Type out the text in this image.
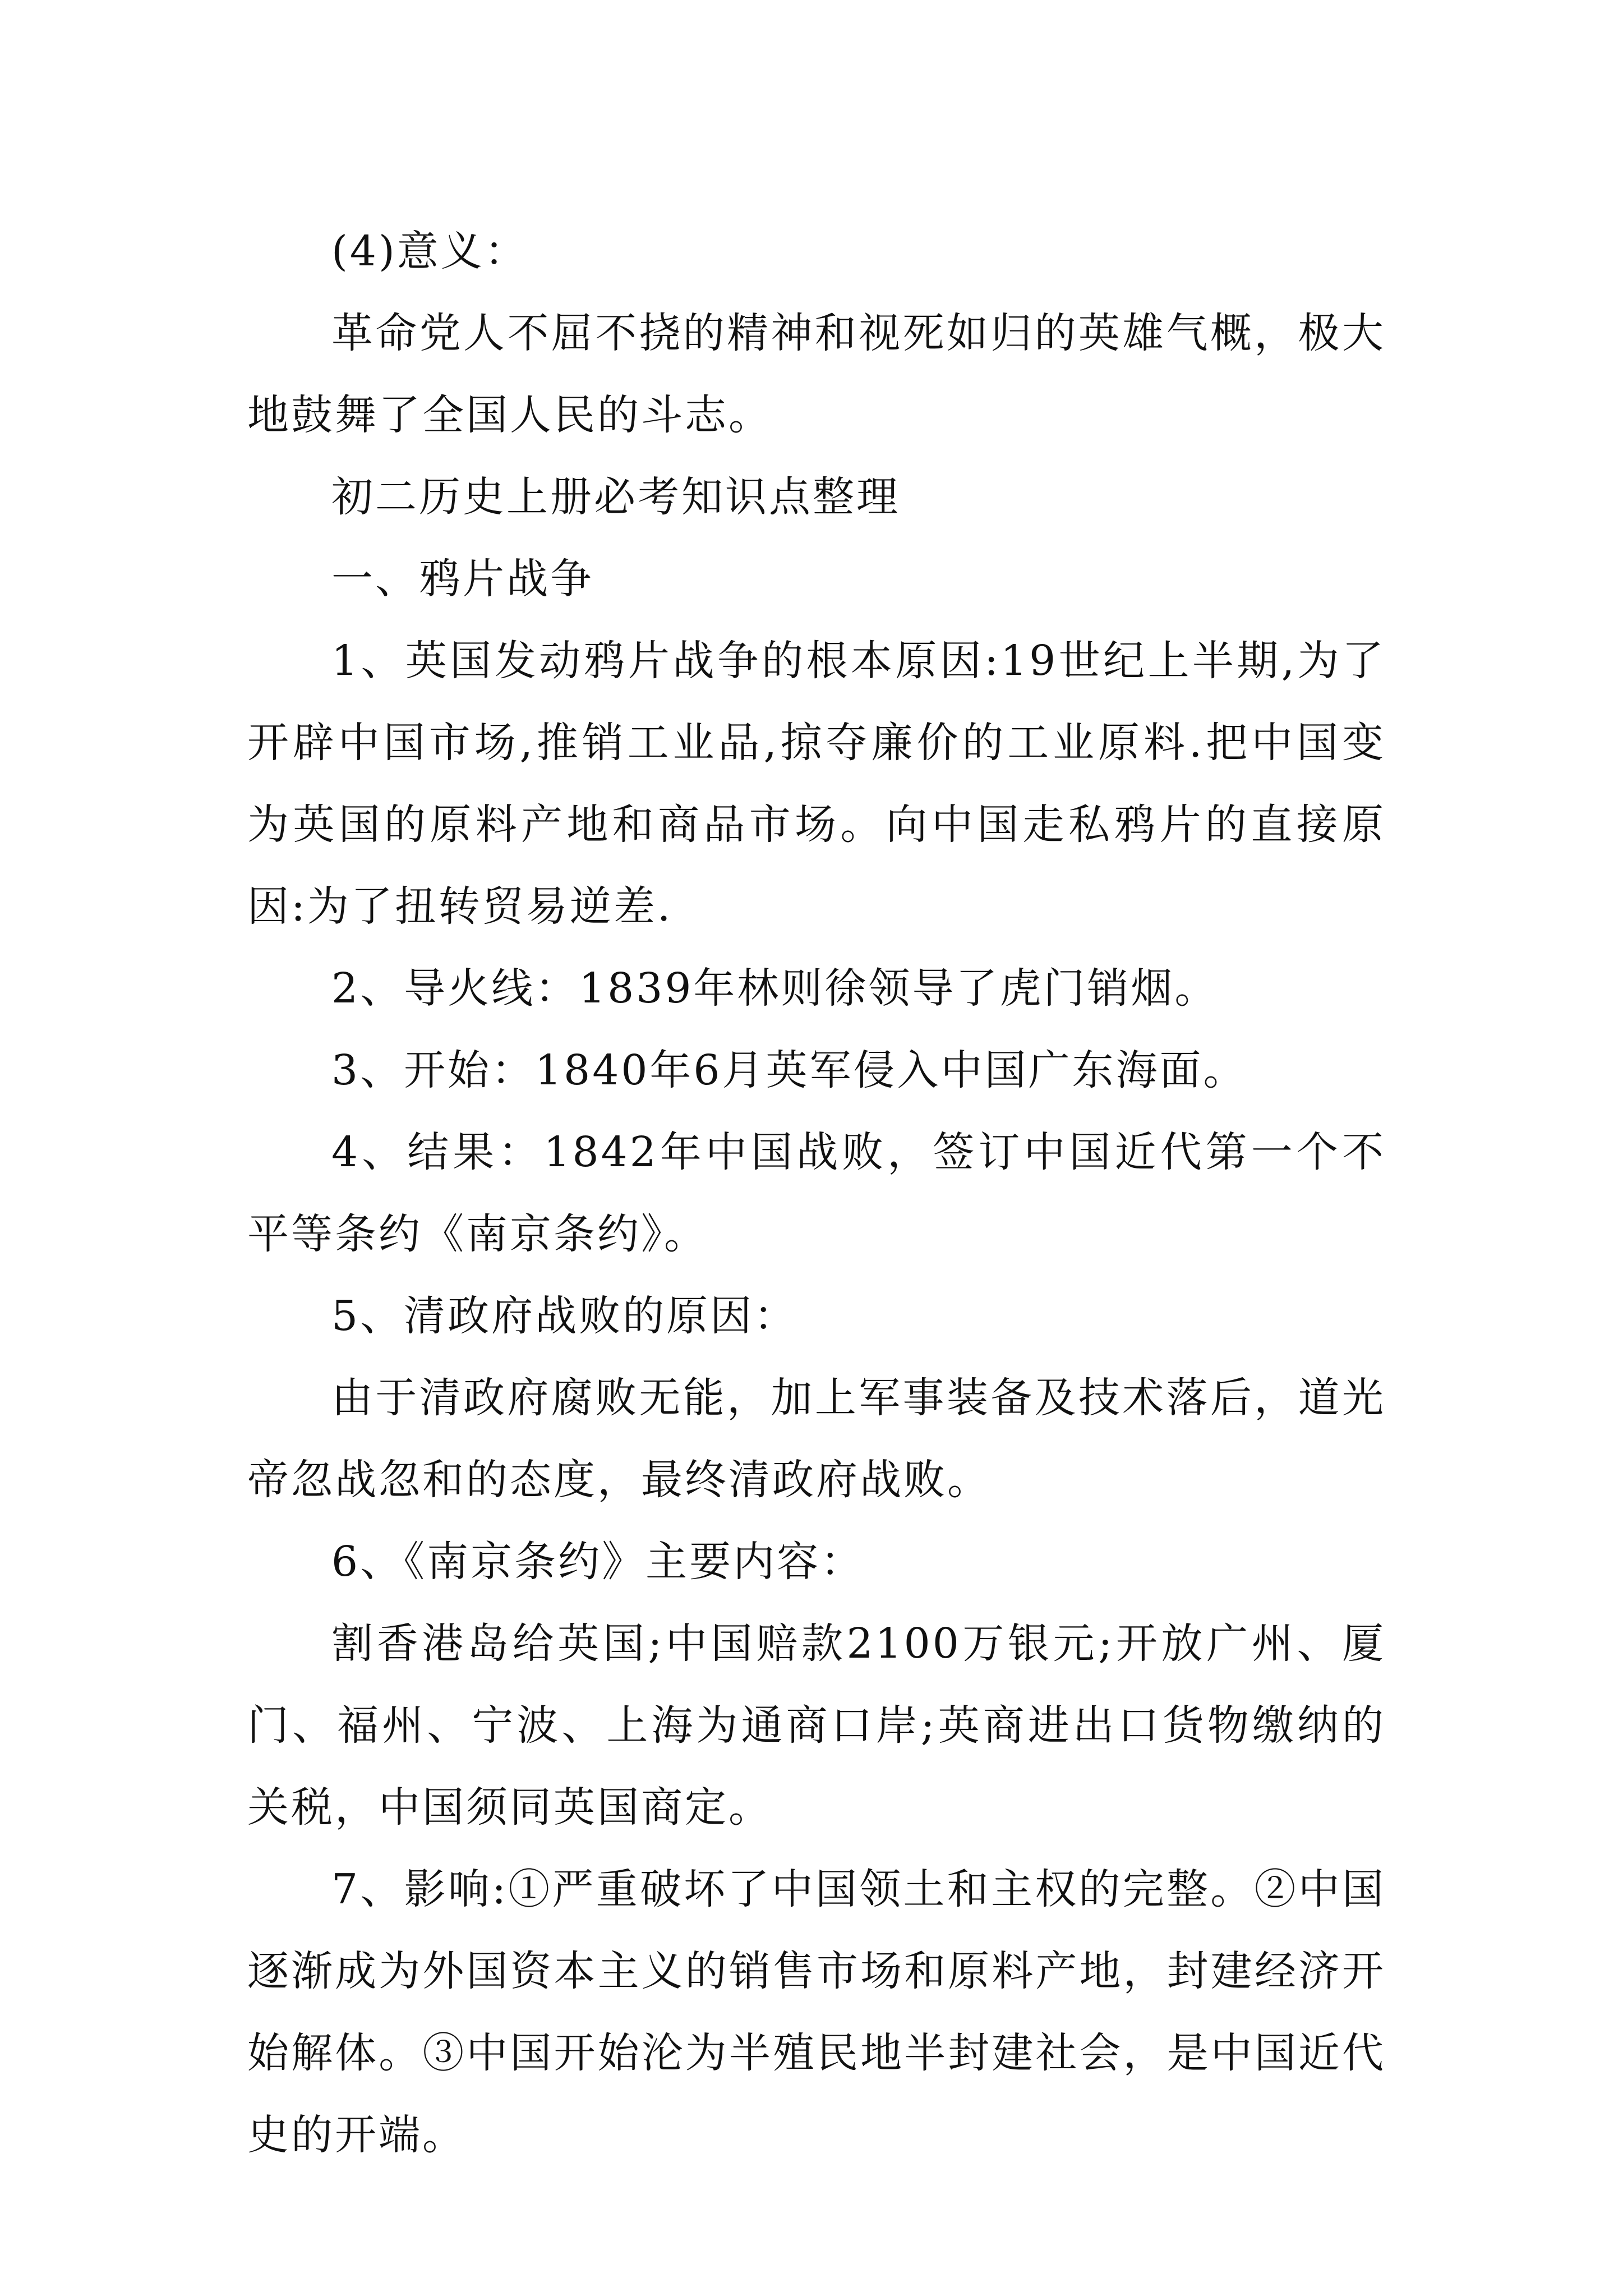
(4)意义：

革命党人不屈不挠的精神和视死如归的英雄气概，极大地鼓舞了全国人民的斗志。

初二历史上册必考知识点整理

一、鸦片战争

1、英国发动鸦片战争的根本原因:19世纪上半期,为了开辟中国市场,推销工业品,掠夺廉价的工业原料.把中国变为英国的原料产地和商品市场。向中国走私鸦片的直接原因:为了扭转贸易逆差.

2、导火线：1839年林则徐领导了虎门销烟。

3、开始：1840年6月英军侵入中国广东海面。

4、结果：1842年中国战败，签订中国近代第一个不平等条约《南京条约》。

5、清政府战败的原因：

由于清政府腐败无能，加上军事装备及技术落后，道光帝忽战忽和的态度，最终清政府战败。

6、《南京条约》主要内容：

割香港岛给英国;中国赔款2100万银元;开放广州、厦门、福州、宁波、上海为通商口岸;英商进出口货物缴纳的关税，中国须同英国商定。

7、影响:①严重破坏了中国领土和主权的完整。②中国逐渐成为外国资本主义的销售市场和原料产地，封建经济开始解体。③中国开始沦为半殖民地半封建社会，是中国近代史的开端。
